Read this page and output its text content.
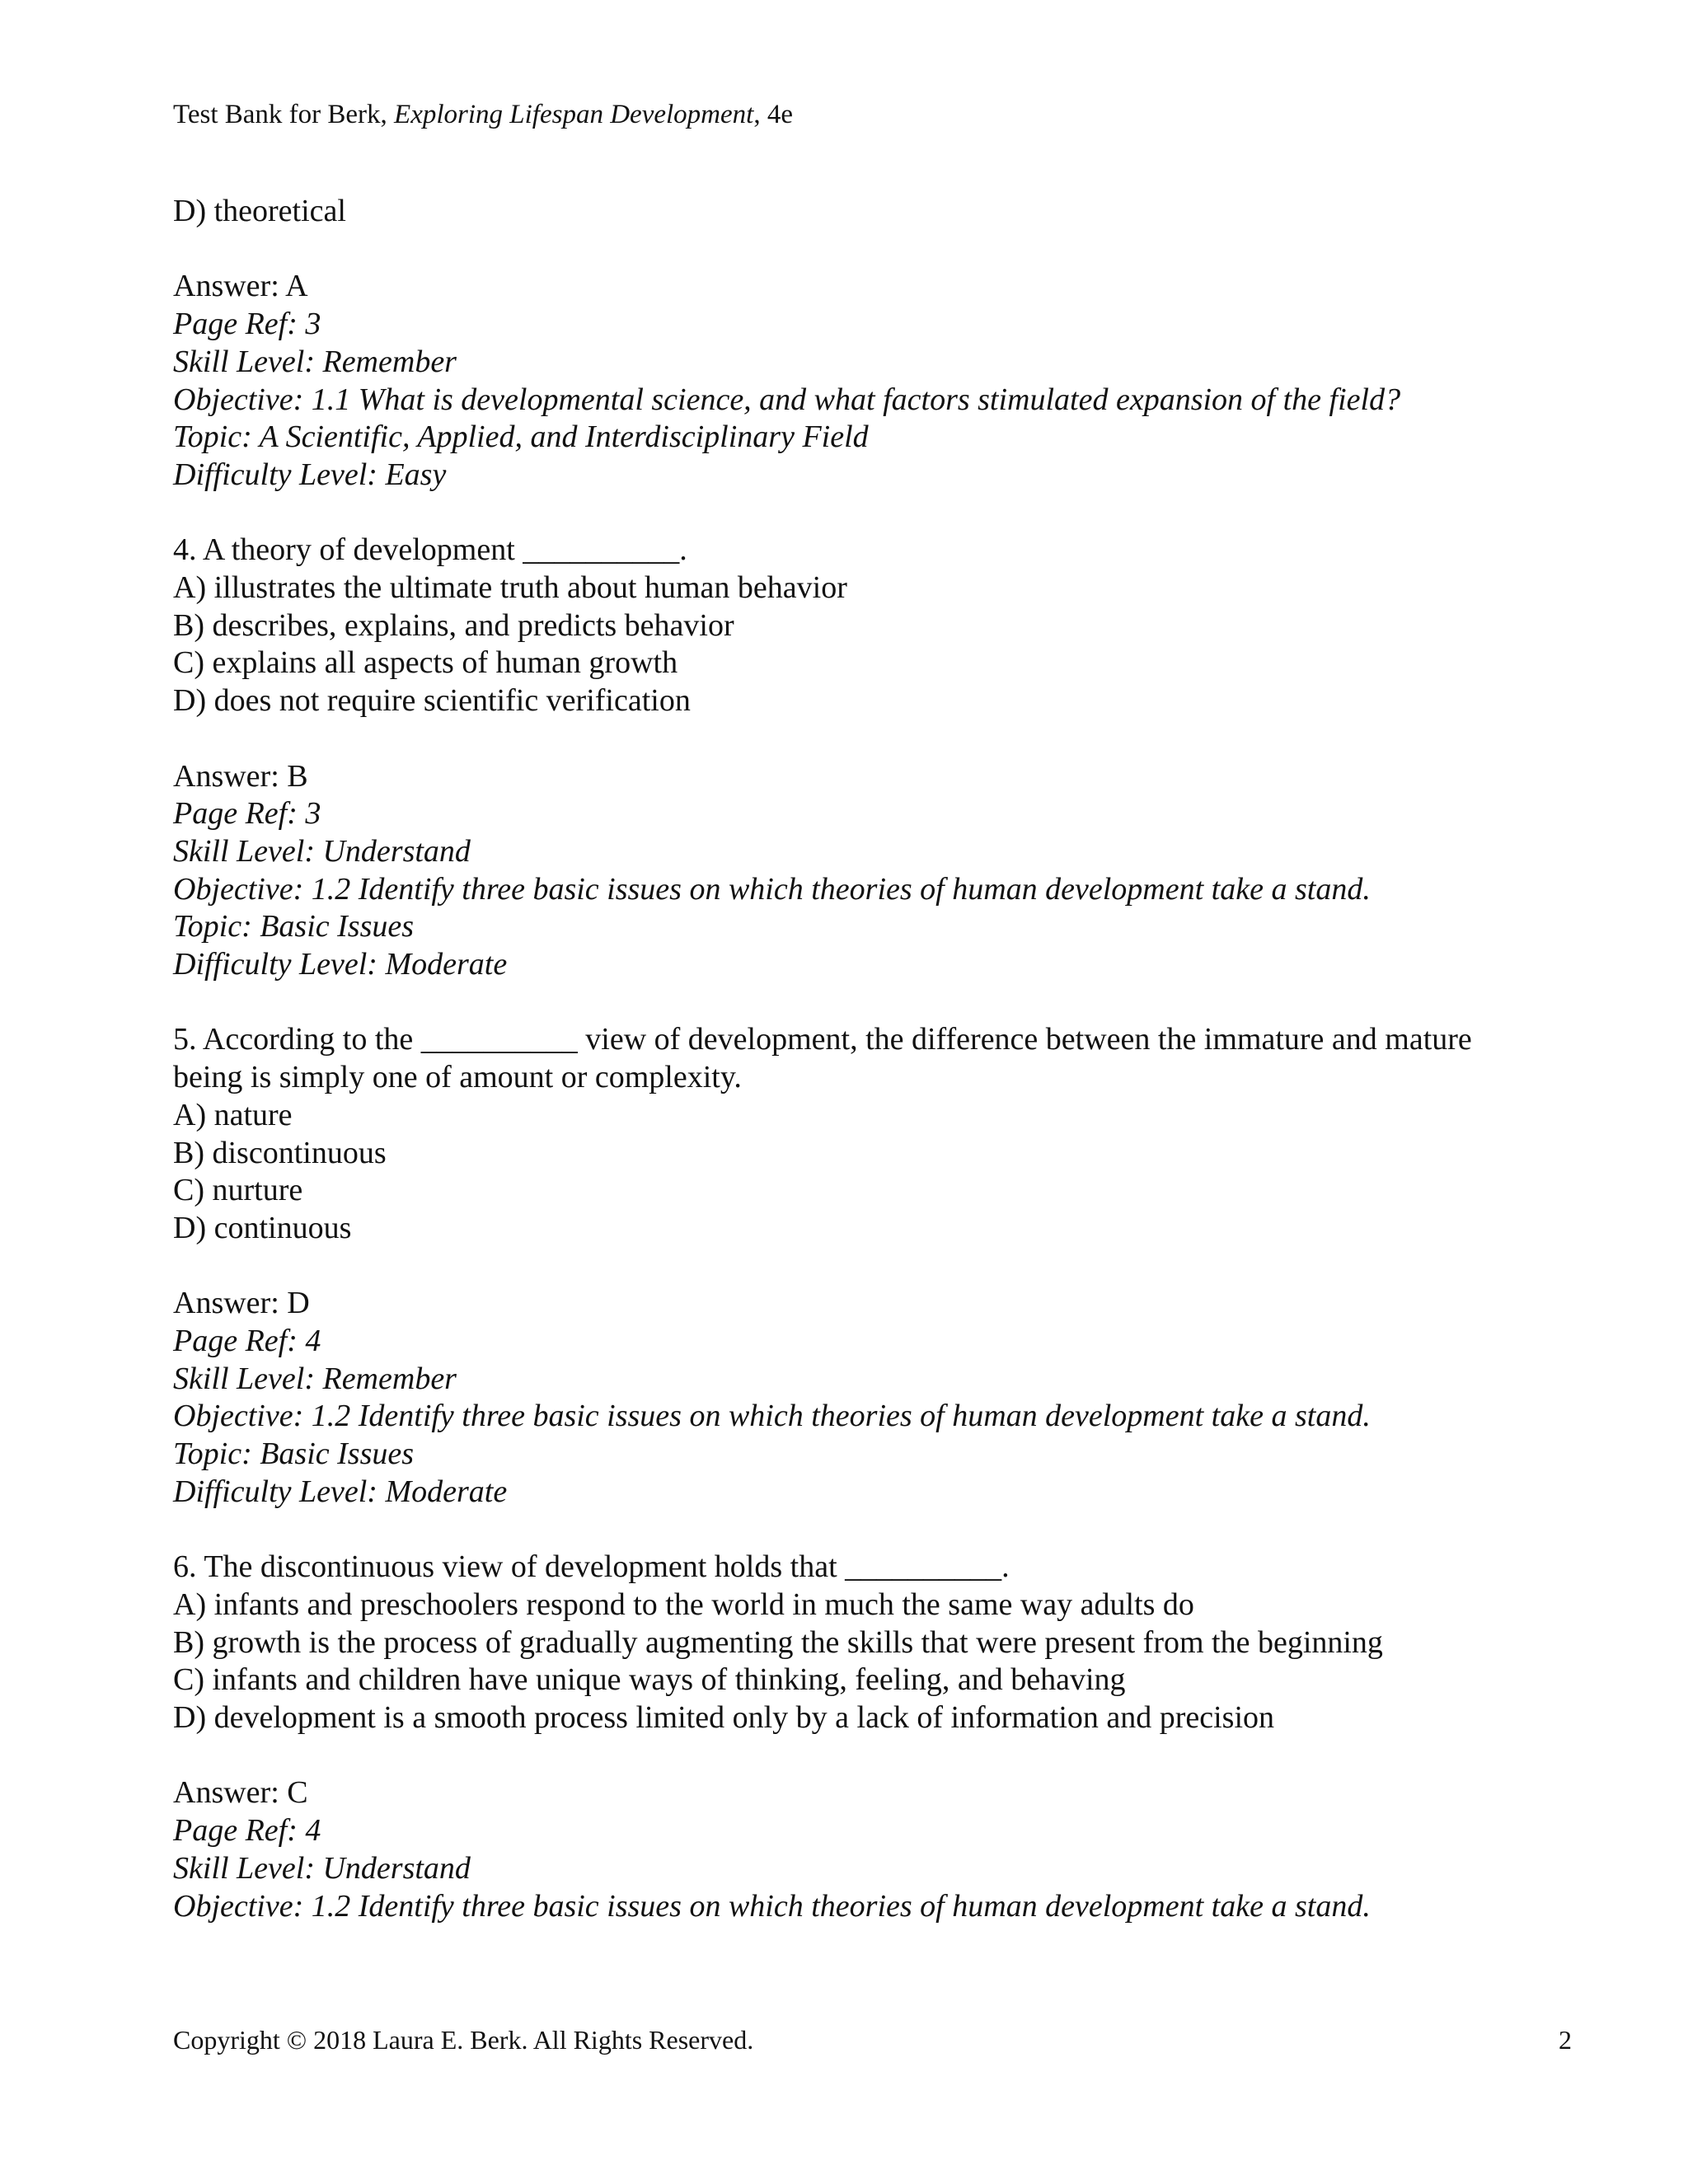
Test Bank for Berk, Exploring Lifespan Development, 4e
D) theoretical
Answer: A
Page Ref: 3
Skill Level: Remember
Objective: 1.1 What is developmental science, and what factors stimulated expansion of the field?
Topic: A Scientific, Applied, and Interdisciplinary Field
Difficulty Level: Easy
4. A theory of development __________.
A) illustrates the ultimate truth about human behavior
B) describes, explains, and predicts behavior
C) explains all aspects of human growth
D) does not require scientific verification
Answer: B
Page Ref: 3
Skill Level: Understand
Objective: 1.2 Identify three basic issues on which theories of human development take a stand.
Topic: Basic Issues
Difficulty Level: Moderate
5. According to the __________ view of development, the difference between the immature and mature
being is simply one of amount or complexity.
A) nature
B) discontinuous
C) nurture
D) continuous
Answer: D
Page Ref: 4
Skill Level: Remember
Objective: 1.2 Identify three basic issues on which theories of human development take a stand.
Topic: Basic Issues
Difficulty Level: Moderate
6. The discontinuous view of development holds that __________.
A) infants and preschoolers respond to the world in much the same way adults do
B) growth is the process of gradually augmenting the skills that were present from the beginning
C) infants and children have unique ways of thinking, feeling, and behaving
D) development is a smooth process limited only by a lack of information and precision
Answer: C
Page Ref: 4
Skill Level: Understand
Objective: 1.2 Identify three basic issues on which theories of human development take a stand.
Copyright © 2018 Laura E. Berk. All Rights Reserved.	2
